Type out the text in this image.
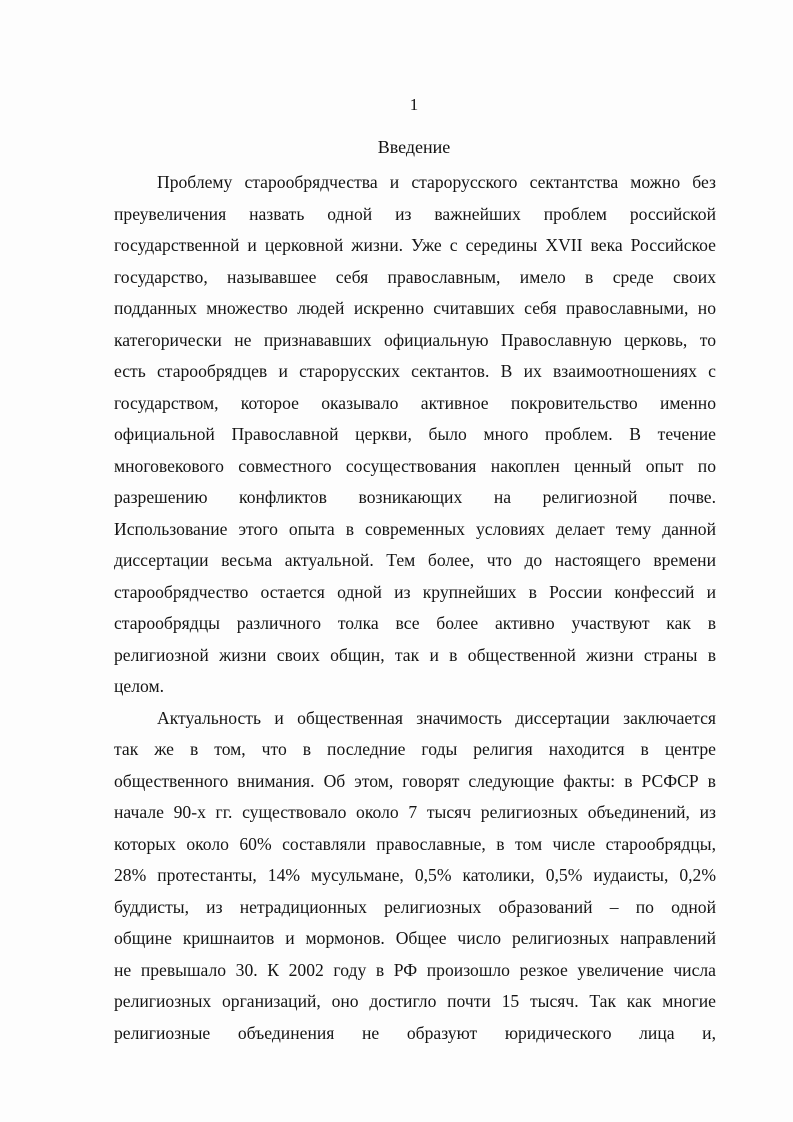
1
Введение

Проблему старообрядчества и старорусского сектантства можно без
преувеличения назвать одной из важнейших проблем российской
государственной и церковной жизни. Уже с середины XVII века Российское
государство, называвшее себя православным, имело в среде своих
подданных множество людей искренно считавших себя православными, но
категорически не признававших официальную Православную церковь, то
есть старообрядцев и старорусских сектантов. В их взаимоотношениях с
государством, которое оказывало активное покровительство именно
официальной Православной церкви, было много проблем. В течение
многовекового совместного сосуществования накоплен ценный опыт по
разрешению конфликтов возникающих на религиозной почве.
Использование этого опыта в современных условиях делает тему данной
диссертации весьма актуальной. Тем более, что до настоящего времени
старообрядчество остается одной из крупнейших в России конфессий и
старообрядцы различного толка все более активно участвуют как в
религиозной жизни своих общин, так и в общественной жизни страны в
целом.

Актуальность и общественная значимость диссертации заключается
так же в том, что в последние годы религия находится в центре
общественного внимания. Об этом, говорят следующие факты: в РСФСР в
начале 90-х гг. существовало около 7 тысяч религиозных объединений, из
которых около 60% составляли православные, в том числе старообрядцы,
28% протестанты, 14% мусульмане, 0,5% католики, 0,5% иудаисты, 0,2%
буддисты, из нетрадиционных религиозных образований – по одной
общине кришнаитов и мормонов. Общее число религиозных направлений
не превышало 30. К 2002 году в РФ произошло резкое увеличение числа
религиозных организаций, оно достигло почти 15 тысяч. Так как многие
религиозные объединения не образуют юридического лица и,
